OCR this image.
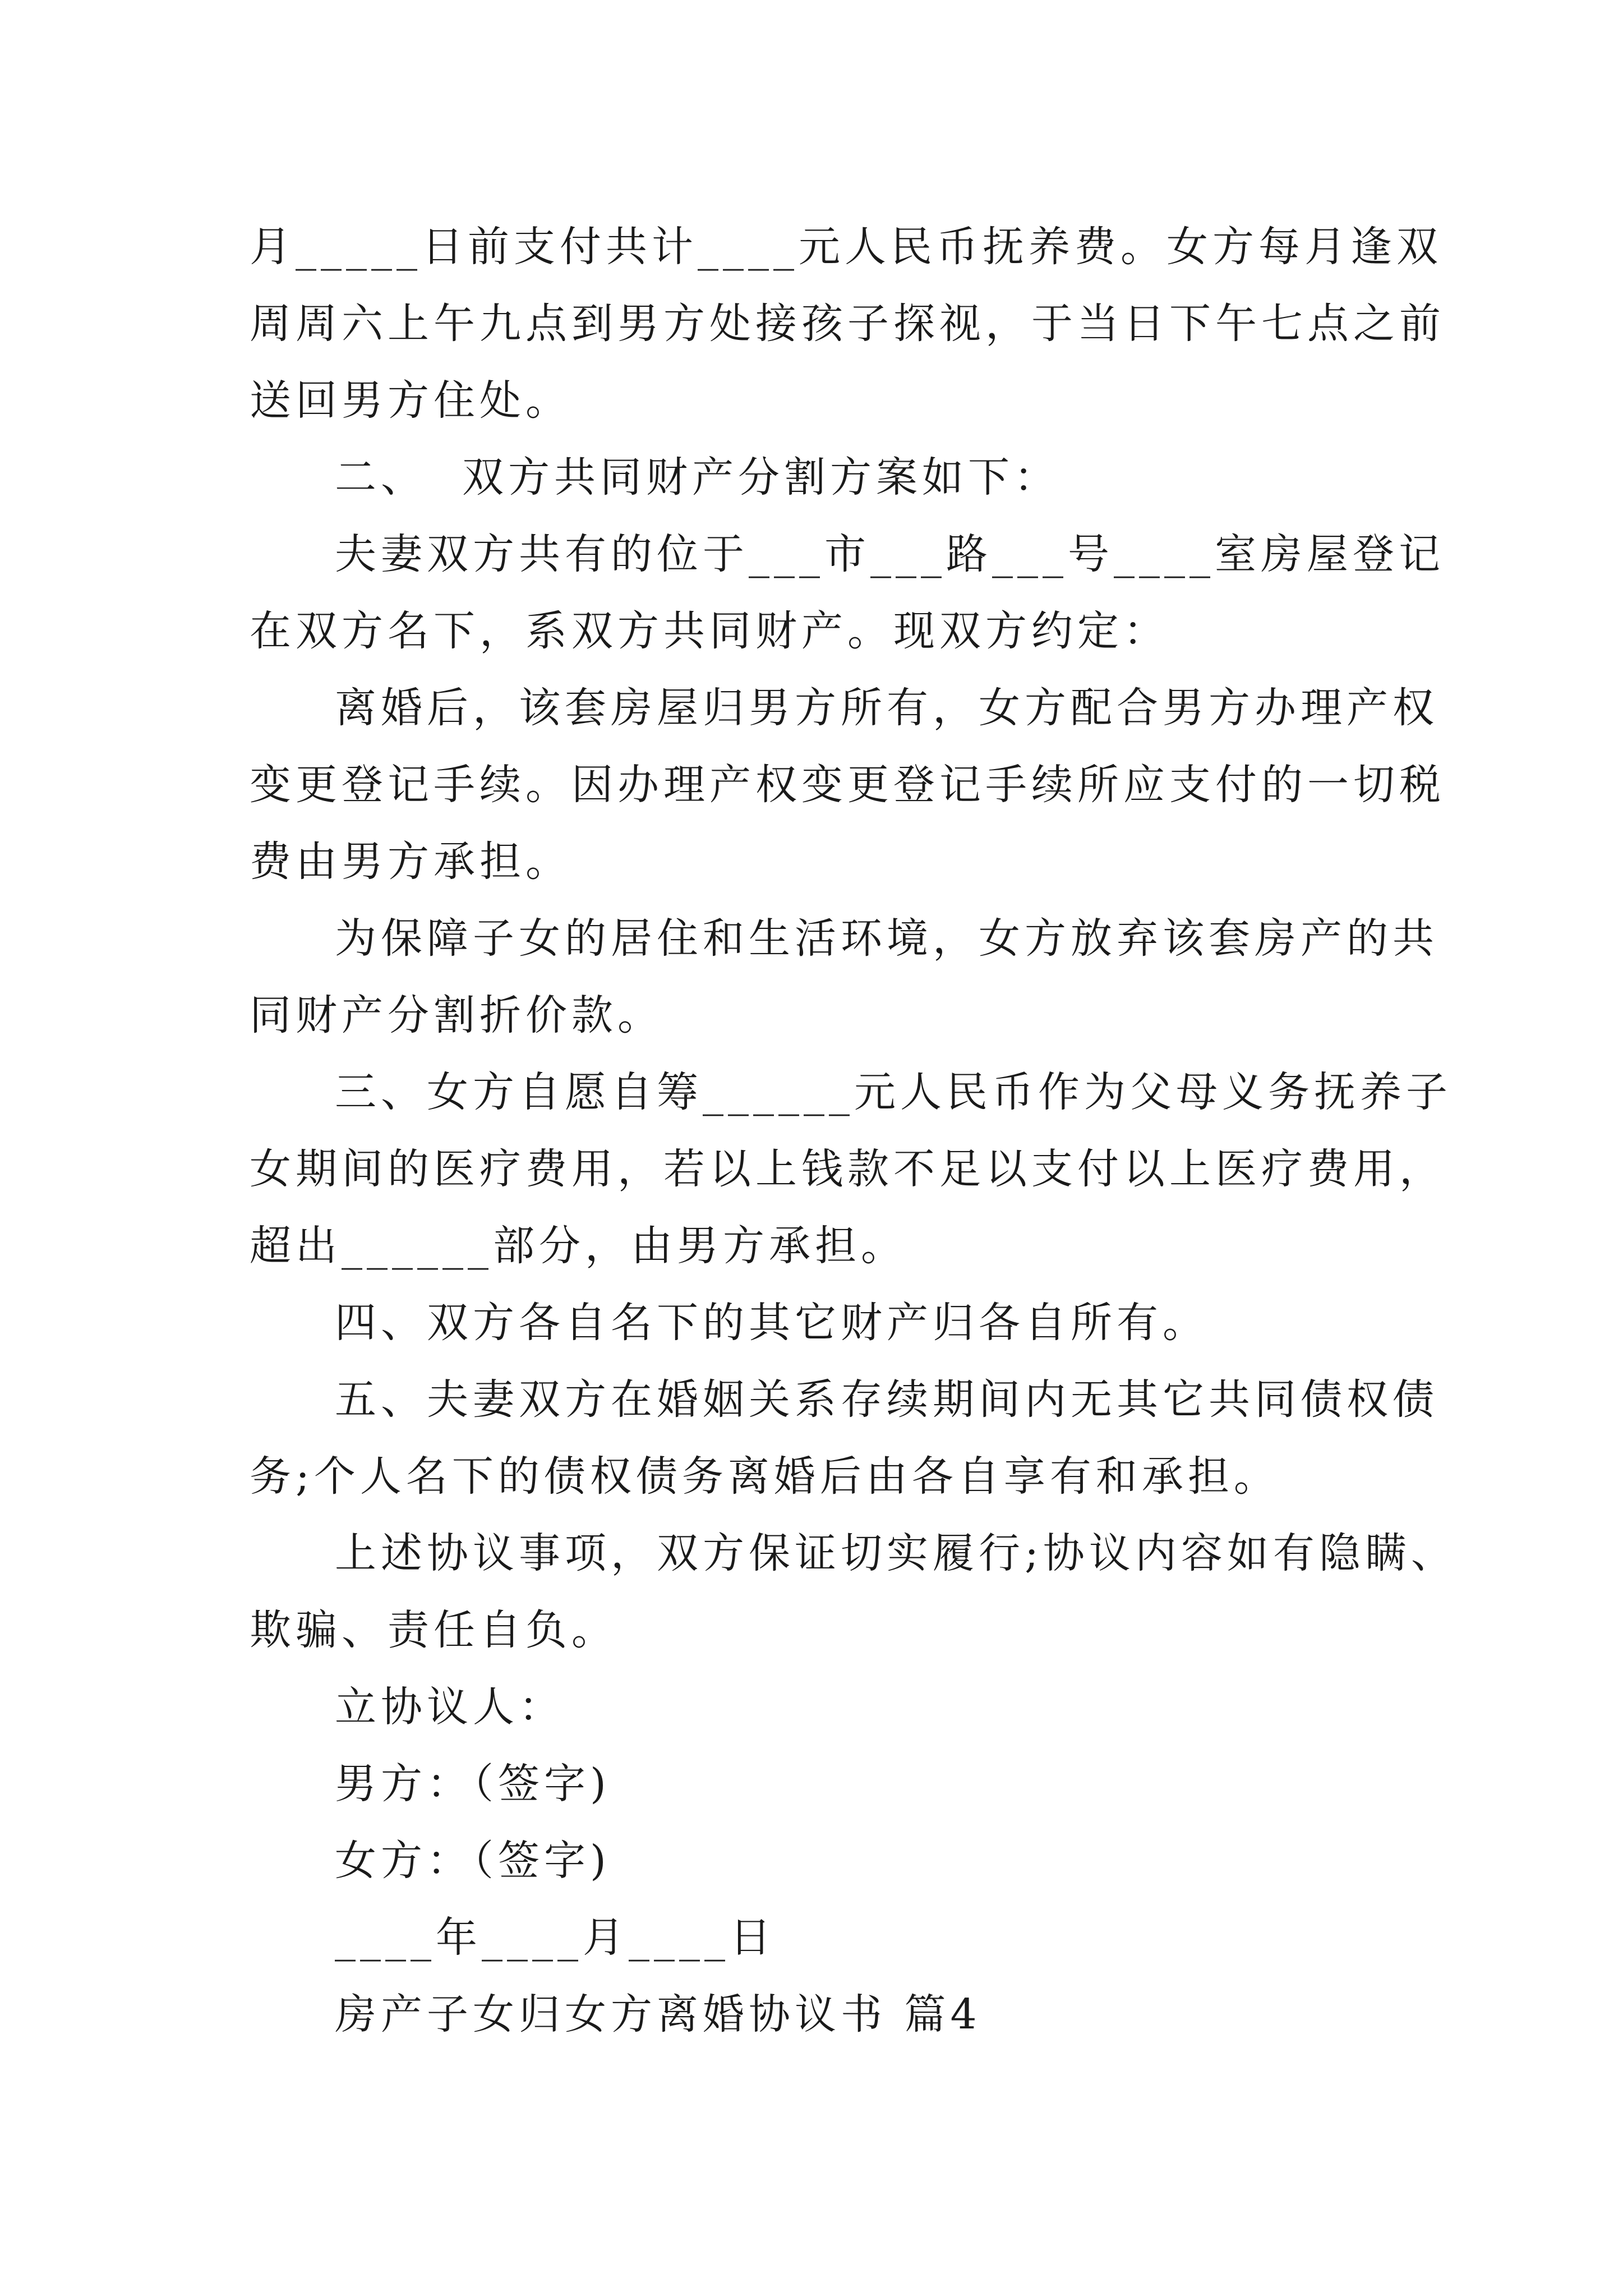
月_____日前支付共计____元人民币抚养费。女方每月逢双
周周六上午九点到男方处接孩子探视，于当日下午七点之前
送回男方住处。
二、  双方共同财产分割方案如下：
夫妻双方共有的位于___市___路___号____室房屋登记
在双方名下，系双方共同财产。现双方约定：
离婚后，该套房屋归男方所有，女方配合男方办理产权
变更登记手续。因办理产权变更登记手续所应支付的一切税
费由男方承担。
为保障子女的居住和生活环境，女方放弃该套房产的共
同财产分割折价款。
三、女方自愿自筹______元人民币作为父母义务抚养子
女期间的医疗费用，若以上钱款不足以支付以上医疗费用，
超出______部分，由男方承担。
四、双方各自名下的其它财产归各自所有。
五、夫妻双方在婚姻关系存续期间内无其它共同债权债
务;个人名下的债权债务离婚后由各自享有和承担。
上述协议事项，双方保证切实履行;协议内容如有隐瞒、
欺骗、责任自负。
立协议人：
男方：（签字)
女方：（签字)
____年____月____日
房产子女归女方离婚协议书 篇4
